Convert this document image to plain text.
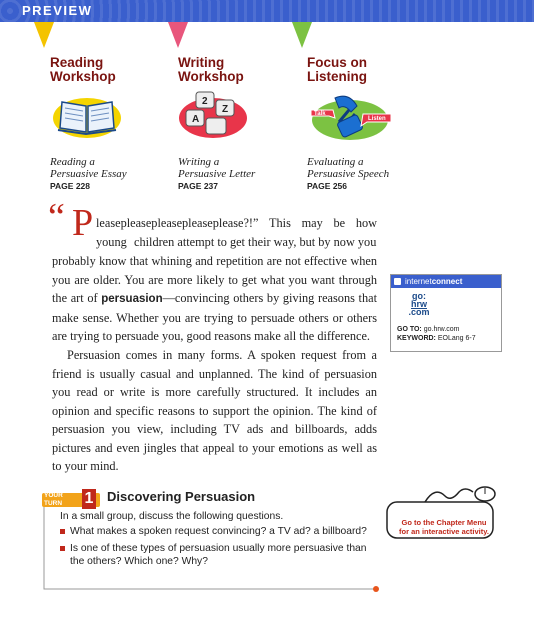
PREVIEW
Reading
Workshop
Reading a
Persuasive Essay
PAGE 228
Writing
Workshop
2
Z
A
Writing a
Persuasive Letter
PAGE 237
Focus on
Listening
Talk
Listen
Evaluating a
Persuasive Speech
PAGE 256
“ P leasepleasepleasepleaseplease?!” This may be how young children attempt to get their way, but by now you

probably know that whining and repetition are not effective when you are older. You are more likely to get what you want through the art of persuasion—convincing others by giving reasons that make sense. Whether you are trying to persuade others or others are trying to persuade you, good reasons make all the difference.

Persuasion comes in many forms. A spoken request from a friend is usually casual and unplanned. The kind of persuasion you read or write is more carefully structured. It includes an opinion and specific reasons to support the opinion. The kind of persuasion you view, including TV ads and billboards, adds pictures and even jingles that appeal to your emotions as well as to your mind.

internetconnect
go:
hrw
.com
GO TO: go.hrw.com
KEYWORD: EOLang 6-7
YOUR TURN	1 Discovering Persuasion
In a small group, discuss the following questions.
What makes a spoken request convincing? a TV ad? a billboard?
Is one of these types of persuasion usually more persuasive than the others? Which one? Why?
Go to the Chapter Menu
for an interactive activity.
